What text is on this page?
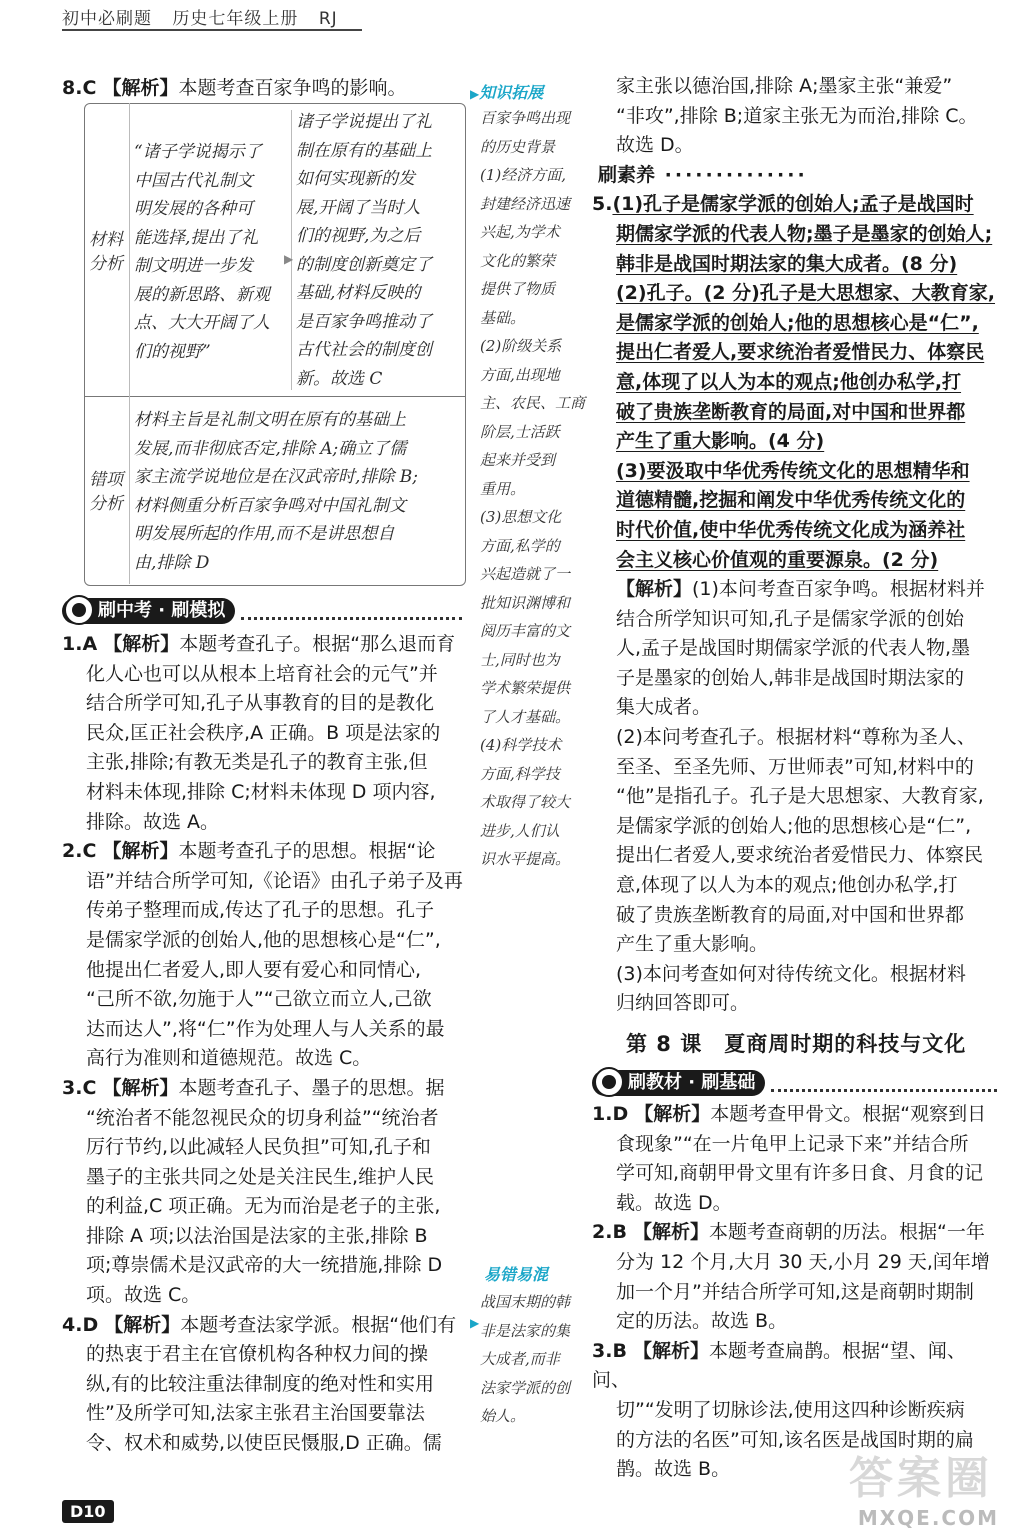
初中必刷题 历史七年级上册 RJ

8.C 【解析】本题考查百家争鸣的影响。

材料
分析
“诸子学说揭示了
中国古代礼制文
明发展的各种可
能选择,提出了礼
制文明进一步发
展的新思路、新观
点、大大开阔了人
们的视野”
▶
诸子学说提出了礼
制在原有的基础上
如何实现新的发
展,开阔了当时人
们的视野,为之后
的制度创新奠定了
基础,材料反映的
是百家争鸣推动了
古代社会的制度创
新。故选 C
错项
分析
材料主旨是礼制文明在原有的基础上
发展,而非彻底否定,排除 A;确立了儒
家主流学说地位是在汉武帝时,排除 B;
材料侧重分析百家争鸣对中国礼制文
明发展所起的作用,而不是讲思想自
由,排除 D
刷中考 · 刷模拟

1.A 【解析】本题考查孔子。根据“那么退而育

化人心也可以从根本上培育社会的元气”并

结合所学可知,孔子从事教育的目的是教化

民众,匡正社会秩序,A 正确。B 项是法家的

主张,排除;有教无类是孔子的教育主张,但

材料未体现,排除 C;材料未体现 D 项内容,

排除。故选 A。

2.C 【解析】本题考查孔子的思想。根据“论

语”并结合所学可知,《论语》由孔子弟子及再

传弟子整理而成,传达了孔子的思想。孔子

是儒家学派的创始人,他的思想核心是“仁”,

他提出仁者爱人,即人要有爱心和同情心,

“己所不欲,勿施于人”“己欲立而立人,己欲

达而达人”,将“仁”作为处理人与人关系的最

高行为准则和道德规范。故选 C。

3.C 【解析】本题考查孔子、墨子的思想。据

“统治者不能忽视民众的切身利益”“统治者

厉行节约,以此减轻人民负担”可知,孔子和

墨子的主张共同之处是关注民生,维护人民

的利益,C 项正确。无为而治是老子的主张,

排除 A 项;以法治国是法家的主张,排除 B

项;尊崇儒术是汉武帝的大一统措施,排除 D

项。故选 C。

4.D 【解析】本题考查法家学派。根据“他们有

的热衷于君主在官僚机构各种权力间的操

纵,有的比较注重法律制度的绝对性和实用

性”及所学可知,法家主张君主治国要靠法

令、权术和威势,以使臣民慑服,D 正确。儒

▶知识拓展
百家争鸣出现
的历史背景
(1)经济方面,
封建经济迅速
兴起,为学术
文化的繁荣
提供了物质
基础。
(2)阶级关系
方面,出现地
主、农民、工商
阶层,士活跃
起来并受到
重用。
(3)思想文化
方面,私学的
兴起造就了一
批知识渊博和
阅历丰富的文
士,同时也为
学术繁荣提供
了人才基础。
(4)科学技术
方面,科学技
术取得了较大
进步,人们认
识水平提高。
易错易混
▶
战国末期的韩
非是法家的集
大成者,而非
法家学派的创
始人。

家主张以德治国,排除 A;墨家主张“兼爱”

“非攻”,排除 B;道家主张无为而治,排除 C。

故选 D。

刷素养 ··············

5.(1)孔子是儒家学派的创始人;孟子是战国时

期儒家学派的代表人物;墨子是墨家的创始人;

韩非是战国时期法家的集大成者。(8 分)

(2)孔子。(2 分)孔子是大思想家、大教育家,

是儒家学派的创始人;他的思想核心是“仁”,

提出仁者爱人,要求统治者爱惜民力、体察民

意,体现了以人为本的观点;他创办私学,打

破了贵族垄断教育的局面,对中国和世界都

产生了重大影响。(4 分)

(3)要汲取中华优秀传统文化的思想精华和

道德精髓,挖掘和阐发中华优秀传统文化的

时代价值,使中华优秀传统文化成为涵养社

会主义核心价值观的重要源泉。(2 分)

【解析】(1)本问考查百家争鸣。根据材料并

结合所学知识可知,孔子是儒家学派的创始

人,孟子是战国时期儒家学派的代表人物,墨

子是墨家的创始人,韩非是战国时期法家的

集大成者。

(2)本问考查孔子。根据材料“尊称为圣人、

至圣、至圣先师、万世师表”可知,材料中的

“他”是指孔子。孔子是大思想家、大教育家,

是儒家学派的创始人;他的思想核心是“仁”,

提出仁者爱人,要求统治者爱惜民力、体察民

意,体现了以人为本的观点;他创办私学,打

破了贵族垄断教育的局面,对中国和世界都

产生了重大影响。

(3)本问考查如何对待传统文化。根据材料

归纳回答即可。

第 8 课　夏商周时期的科技与文化
刷教材 · 刷基础

1.D 【解析】本题考查甲骨文。根据“观察到日

食现象”“在一片龟甲上记录下来”并结合所

学可知,商朝甲骨文里有许多日食、月食的记

载。故选 D。

2.B 【解析】本题考查商朝的历法。根据“一年

分为 12 个月,大月 30 天,小月 29 天,闰年增

加一个月”并结合所学可知,这是商朝时期制

定的历法。故选 B。

3.B 【解析】本题考查扁鹊。根据“望、闻、问、

切”“发明了切脉诊法,使用这四种诊断疾病

的方法的名医”可知,该名医是战国时期的扁

鹊。故选 B。

D10
答案圈
MXQE.COM
